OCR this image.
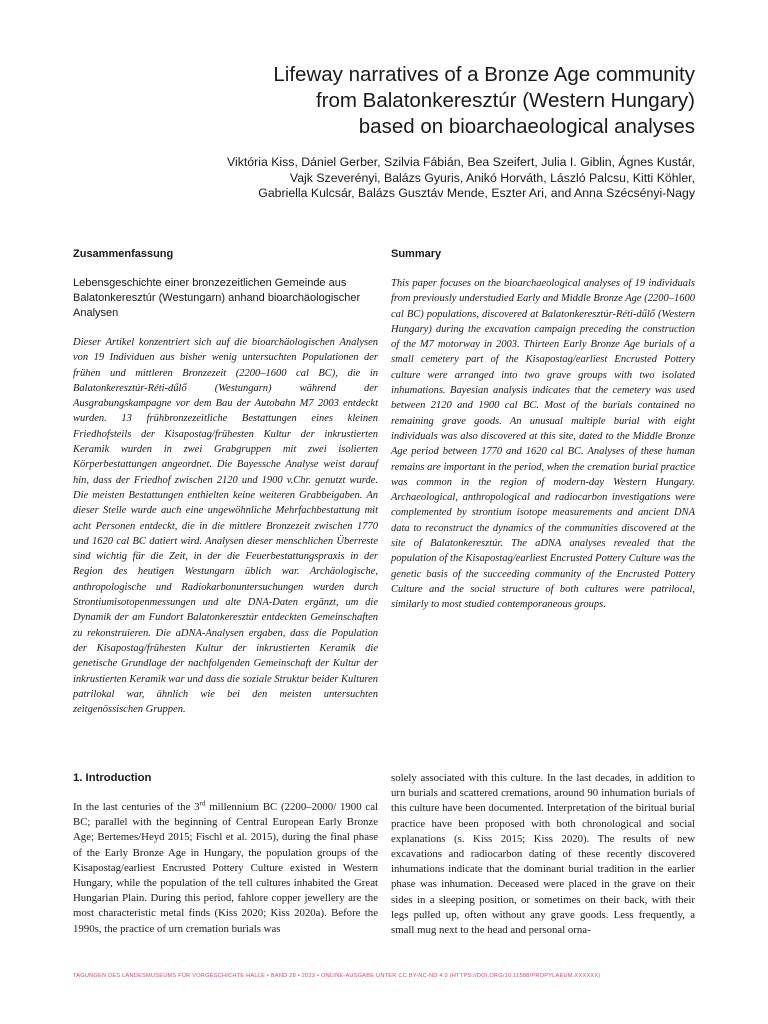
Lifeway narratives of a Bronze Age community
from Balatonkeresztúr (Western Hungary)
based on bioarchaeological analyses

Viktória Kiss, Dániel Gerber, Szilvia Fábián, Bea Szeifert, Julia I. Giblin, Ágnes Kustár,
Vajk Szeverényi, Balázs Gyuris, Anikó Horváth, László Palcsu, Kitti Köhler,
Gabriella Kulcsár, Balázs Gusztáv Mende, Eszter Ari, and Anna Szécsényi-Nagy

Zusammenfassung

Lebensgeschichte einer bronzezeitlichen Gemeinde aus Balatonkeresztúr (Westungarn) anhand bioarchäologischer Analysen

Dieser Artikel konzentriert sich auf die bioarchäologischen Analysen von 19 Individuen aus bisher wenig untersuchten Populationen der frühen und mittleren Bronzezeit (2200–1600 cal BC), die in Balatonkeresztúr-Réti-dűlő (Westungarn) während der Ausgrabungskampagne vor dem Bau der Autobahn M7 2003 entdeckt wurden. 13 frühbronzezeitliche Bestattungen eines kleinen Friedhofsteils der Kisapostag/frühesten Kultur der inkrustierten Keramik wurden in zwei Grabgruppen mit zwei isolierten Körperbestattungen angeordnet. Die Bayessche Analyse weist darauf hin, dass der Friedhof zwischen 2120 und 1900 v.Chr. genutzt wurde. Die meisten Bestattungen enthielten keine weiteren Grabbeigaben. An dieser Stelle wurde auch eine ungewöhnliche Mehrfachbestattung mit acht Personen entdeckt, die in die mittlere Bronzezeit zwischen 1770 und 1620 cal BC datiert wird. Analysen dieser menschlichen Überreste sind wichtig für die Zeit, in der die Feuerbestattungspraxis in der Region des heutigen Westungarn üblich war. Archäologische, anthropologische und Radiokarbonuntersuchungen wurden durch Strontiumisotopenmessungen und alte DNA-Daten ergänzt, um die Dynamik der am Fundort Balatonkeresztúr entdeckten Gemeinschaften zu rekonstruieren. Die aDNA-Analysen ergaben, dass die Population der Kisapostag/frühesten Kultur der inkrustierten Keramik die genetische Grundlage der nachfolgenden Gemeinschaft der Kultur der inkrustierten Keramik war und dass die soziale Struktur beider Kulturen patrilokal war, ähnlich wie bei den meisten untersuchten zeitgenössischen Gruppen.

Summary

This paper focuses on the bioarchaeological analyses of 19 individuals from previously understudied Early and Middle Bronze Age (2200–1600 cal BC) populations, discovered at Balatonkeresztúr-Réti-dűlő (Western Hungary) during the excavation campaign preceding the construction of the M7 motorway in 2003. Thirteen Early Bronze Age burials of a small cemetery part of the Kisapostag/earliest Encrusted Pottery culture were arranged into two grave groups with two isolated inhumations. Bayesian analysis indicates that the cemetery was used between 2120 and 1900 cal BC. Most of the burials contained no remaining grave goods. An unusual multiple burial with eight individuals was also discovered at this site, dated to the Middle Bronze Age period between 1770 and 1620 cal BC. Analyses of these human remains are important in the period, when the cremation burial practice was common in the region of modern-day Western Hungary. Archaeological, anthropological and radiocarbon investigations were complemented by strontium isotope measurements and ancient DNA data to reconstruct the dynamics of the communities discovered at the site of Balatonkeresztúr. The aDNA analyses revealed that the population of the Kisapostag/earliest Encrusted Pottery Culture was the genetic basis of the succeeding community of the Encrusted Pottery Culture and the social structure of both cultures were patrilocal, similarly to most studied contemporaneous groups.

1. Introduction

In the last centuries of the 3rd millennium BC (2200–2000/ 1900 cal BC; parallel with the beginning of Central European Early Bronze Age; Bertemes/Heyd 2015; Fischl et al. 2015), during the final phase of the Early Bronze Age in Hungary, the population groups of the Kisapostag/earliest Encrusted Pottery Culture existed in Western Hungary, while the population of the tell cultures inhabited the Great Hungarian Plain. During this period, fahlore copper jewellery are the most characteristic metal finds (Kiss 2020; Kiss 2020a). Before the 1990s, the practice of urn cremation burials was

solely associated with this culture. In the last decades, in addition to urn burials and scattered cremations, around 90 inhumation burials of this culture have been documented. Interpretation of the biritual burial practice have been proposed with both chronological and social explanations (s. Kiss 2015; Kiss 2020). The results of new excavations and radiocarbon dating of these recently discovered inhumations indicate that the dominant burial tradition in the earlier phase was inhumation. Deceased were placed in the grave on their sides in a sleeping position, or sometimes on their back, with their legs pulled up, often without any grave goods. Less frequently, a small mug next to the head and personal orna-

TAGUNGEN DES LANDESMUSEUMS FÜR VORGESCHICHTE HALLE • BAND 28 • 2023 • ONLINE-AUSGABE UNTER CC BY-NC-ND 4.0 (HTTPS://DOI.ORG/10.11588/PROPYLAEUM.XXXXXX)
